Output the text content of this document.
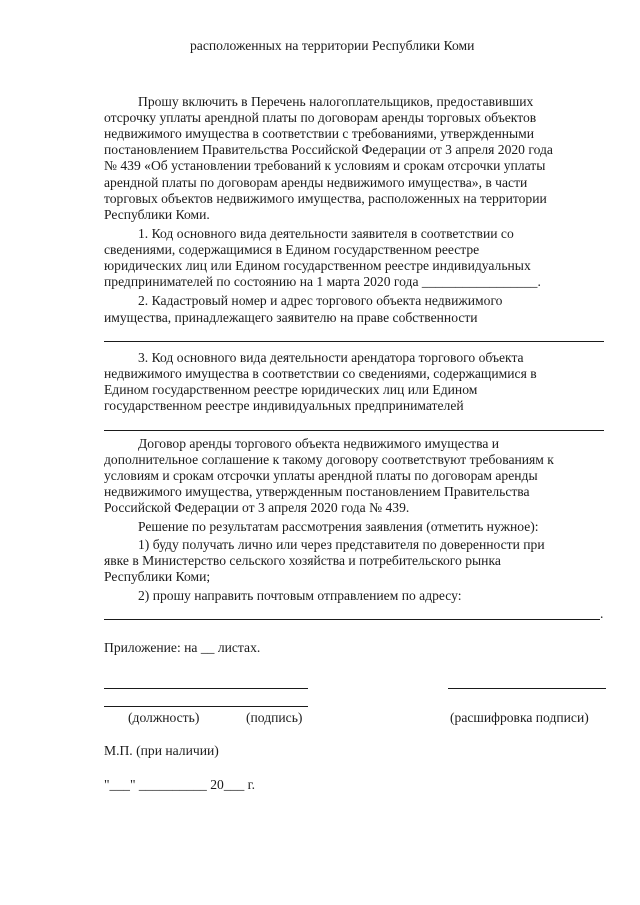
расположенных на территории Республики Коми
Прошу включить в Перечень налогоплательщиков, предоставивших
отсрочку уплаты арендной платы по договорам аренды торговых объектов
недвижимого имущества в соответствии с требованиями, утвержденными
постановлением Правительства Российской Федерации от 3 апреля 2020 года
№ 439 «Об установлении требований к условиям и срокам отсрочки уплаты
арендной платы по договорам аренды недвижимого имущества», в части
торговых объектов недвижимого имущества, расположенных на территории
Республики Коми.
1. Код основного вида деятельности заявителя в соответствии со
сведениями, содержащимися в Едином государственном реестре
юридических лиц или Едином государственном реестре индивидуальных
предпринимателей по состоянию на 1 марта 2020 года _________________.
2. Кадастровый номер и адрес торгового объекта недвижимого
имущества, принадлежащего заявителю на праве собственности
3. Код основного вида деятельности арендатора торгового объекта
недвижимого имущества в соответствии со сведениями, содержащимися в
Едином государственном реестре юридических лиц или Едином
государственном реестре индивидуальных предпринимателей
Договор аренды торгового объекта недвижимого имущества и
дополнительное соглашение к такому договору соответствуют требованиям к
условиям и срокам отсрочки уплаты арендной платы по договорам аренды
недвижимого имущества, утвержденным постановлением Правительства
Российской Федерации от 3 апреля 2020 года № 439.
Решение по результатам рассмотрения заявления (отметить нужное):
1) буду получать лично или через представителя по доверенности при
явке в Министерство сельского хозяйства и потребительского рынка
Республики Коми;
2) прошу направить почтовым отправлением по адресу:
.
Приложение: на __ листах.
(должность)	(подпись)	(расшифровка подписи)
М.П. (при наличии)
"___" __________ 20___ г.
